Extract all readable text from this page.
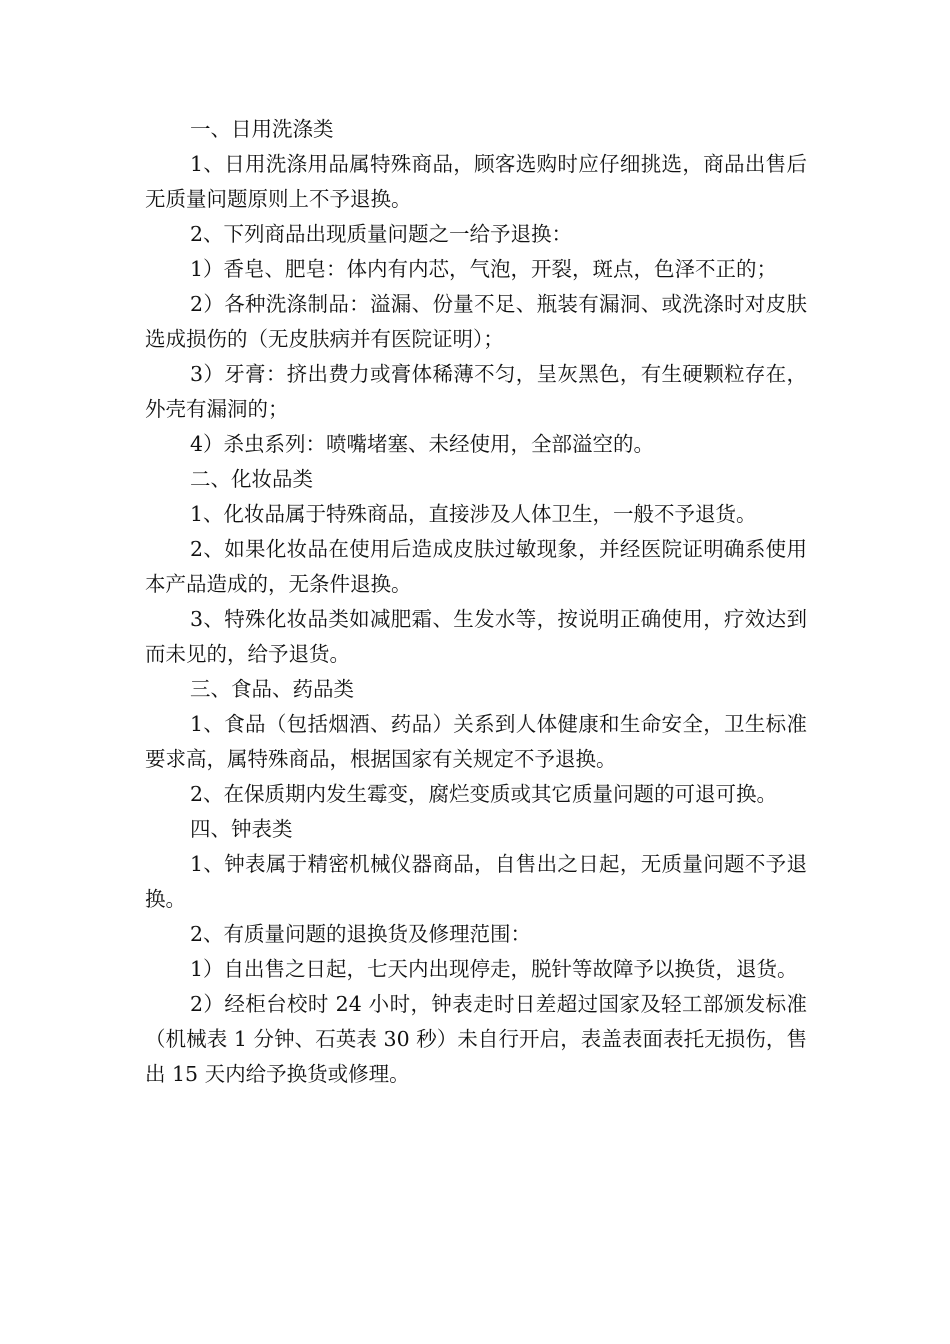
一、日用洗涤类

1、日用洗涤用品属特殊商品，顾客选购时应仔细挑选，商品出售后无质量问题原则上不予退换。

2、下列商品出现质量问题之一给予退换：

1）香皂、肥皂：体内有内芯，气泡，开裂，斑点，色泽不正的；

2）各种洗涤制品：溢漏、份量不足、瓶装有漏洞、或洗涤时对皮肤选成损伤的（无皮肤病并有医院证明）；

3）牙膏：挤出费力或膏体稀薄不匀，呈灰黑色，有生硬颗粒存在，外壳有漏洞的；

4）杀虫系列：喷嘴堵塞、未经使用，全部溢空的。

二、化妆品类

1、化妆品属于特殊商品，直接涉及人体卫生，一般不予退货。

2、如果化妆品在使用后造成皮肤过敏现象，并经医院证明确系使用本产品造成的，无条件退换。

3、特殊化妆品类如减肥霜、生发水等，按说明正确使用，疗效达到而未见的，给予退货。

三、食品、药品类

1、食品（包括烟酒、药品）关系到人体健康和生命安全，卫生标准要求高，属特殊商品，根据国家有关规定不予退换。

2、在保质期内发生霉变，腐烂变质或其它质量问题的可退可换。

四、钟表类

1、钟表属于精密机械仪器商品，自售出之日起，无质量问题不予退换。

2、有质量问题的退换货及修理范围：

1）自出售之日起，七天内出现停走，脱针等故障予以换货，退货。

2）经柜台校时 24 小时，钟表走时日差超过国家及轻工部颁发标准（机械表 1 分钟、石英表 30 秒）未自行开启，表盖表面表托无损伤，售出 15 天内给予换货或修理。
